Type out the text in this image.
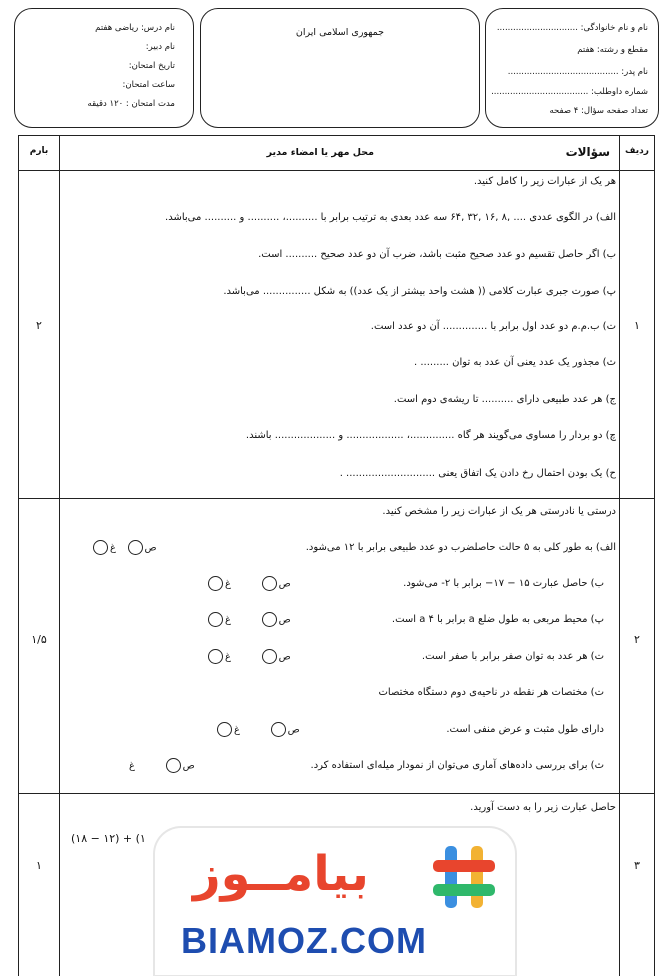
نام و نام خانوادگی: ..............................
مقطع و رشته: هفتم
نام پدر: .........................................
شماره داوطلب: ....................................
تعداد صفحه سؤال: ۴ صفحه
جمهوری اسلامی ایران
نام درس: ریاضی هفتم
نام دبیر:
تاریخ امتحان:
ساعت امتحان:
مدت امتحان : ۱۲۰ دقیقه
ردیف
سؤالات
محل مهر یا امضاء مدیر
بارم
۱
۲
هر یک از عبارات زیر را کامل کنید.
الف) در الگوی عددی .... ,۸ ,۱۶ ,۳۲ ,۶۴ سه عدد بعدی به ترتیب برابر با ..........، .......... و .......... می‌باشد.
ب) اگر حاصل تقسیم دو عدد صحیح مثبت باشد، ضرب آن دو عدد صحیح .......... است.
پ) صورت جبری عبارت کلامی (( هشت واحد بیشتر از یک عدد)) به شکل ............... می‌باشد.
ت) ب.م.م دو عدد اول برابر با .............. آن دو عدد است.
ث) مجذور یک عدد یعنی آن عدد به توان ......... .
ج) هر عدد طبیعی دارای .......... تا ریشه‌ی دوم است.
چ) دو بردار را مساوی می‌گویند هر گاه ..............، .................. و ................... باشند.
ح) یک بودن احتمال رخ دادن یک اتفاق یعنی ............................ .
۲
۱/۵
درستی یا نادرستی هر یک از عبارات زیر را مشخص کنید.
الف) به طور کلی به ۵ حالت حاصلضرب دو عدد طبیعی برابر با ۱۲ می‌شود.
ص   غ
ب) حاصل عبارت ۱۵ − ۱۷− برابر با ۲- می‌شود.
ص         غ
پ) محیط مربعی به طول ضلع a برابر با a ۴ است.
ص         غ
ت) هر عدد به توان صفر برابر با صفر است.
ص         غ
ت) مختصات هر نقطه در ناحیه‌ی دوم دستگاه مختصات
دارای طول مثبت و عرض منفی است.
ص         غ
ث) برای بررسی داده‌های آماری می‌توان از نمودار میله‌ای استفاده کرد.
ص         غ
۳
۱
حاصل عبارت زیر را به دست آورید.
(۱۸ − ۱۲) + (۱
بیامــوز
BIAMOZ.COM
